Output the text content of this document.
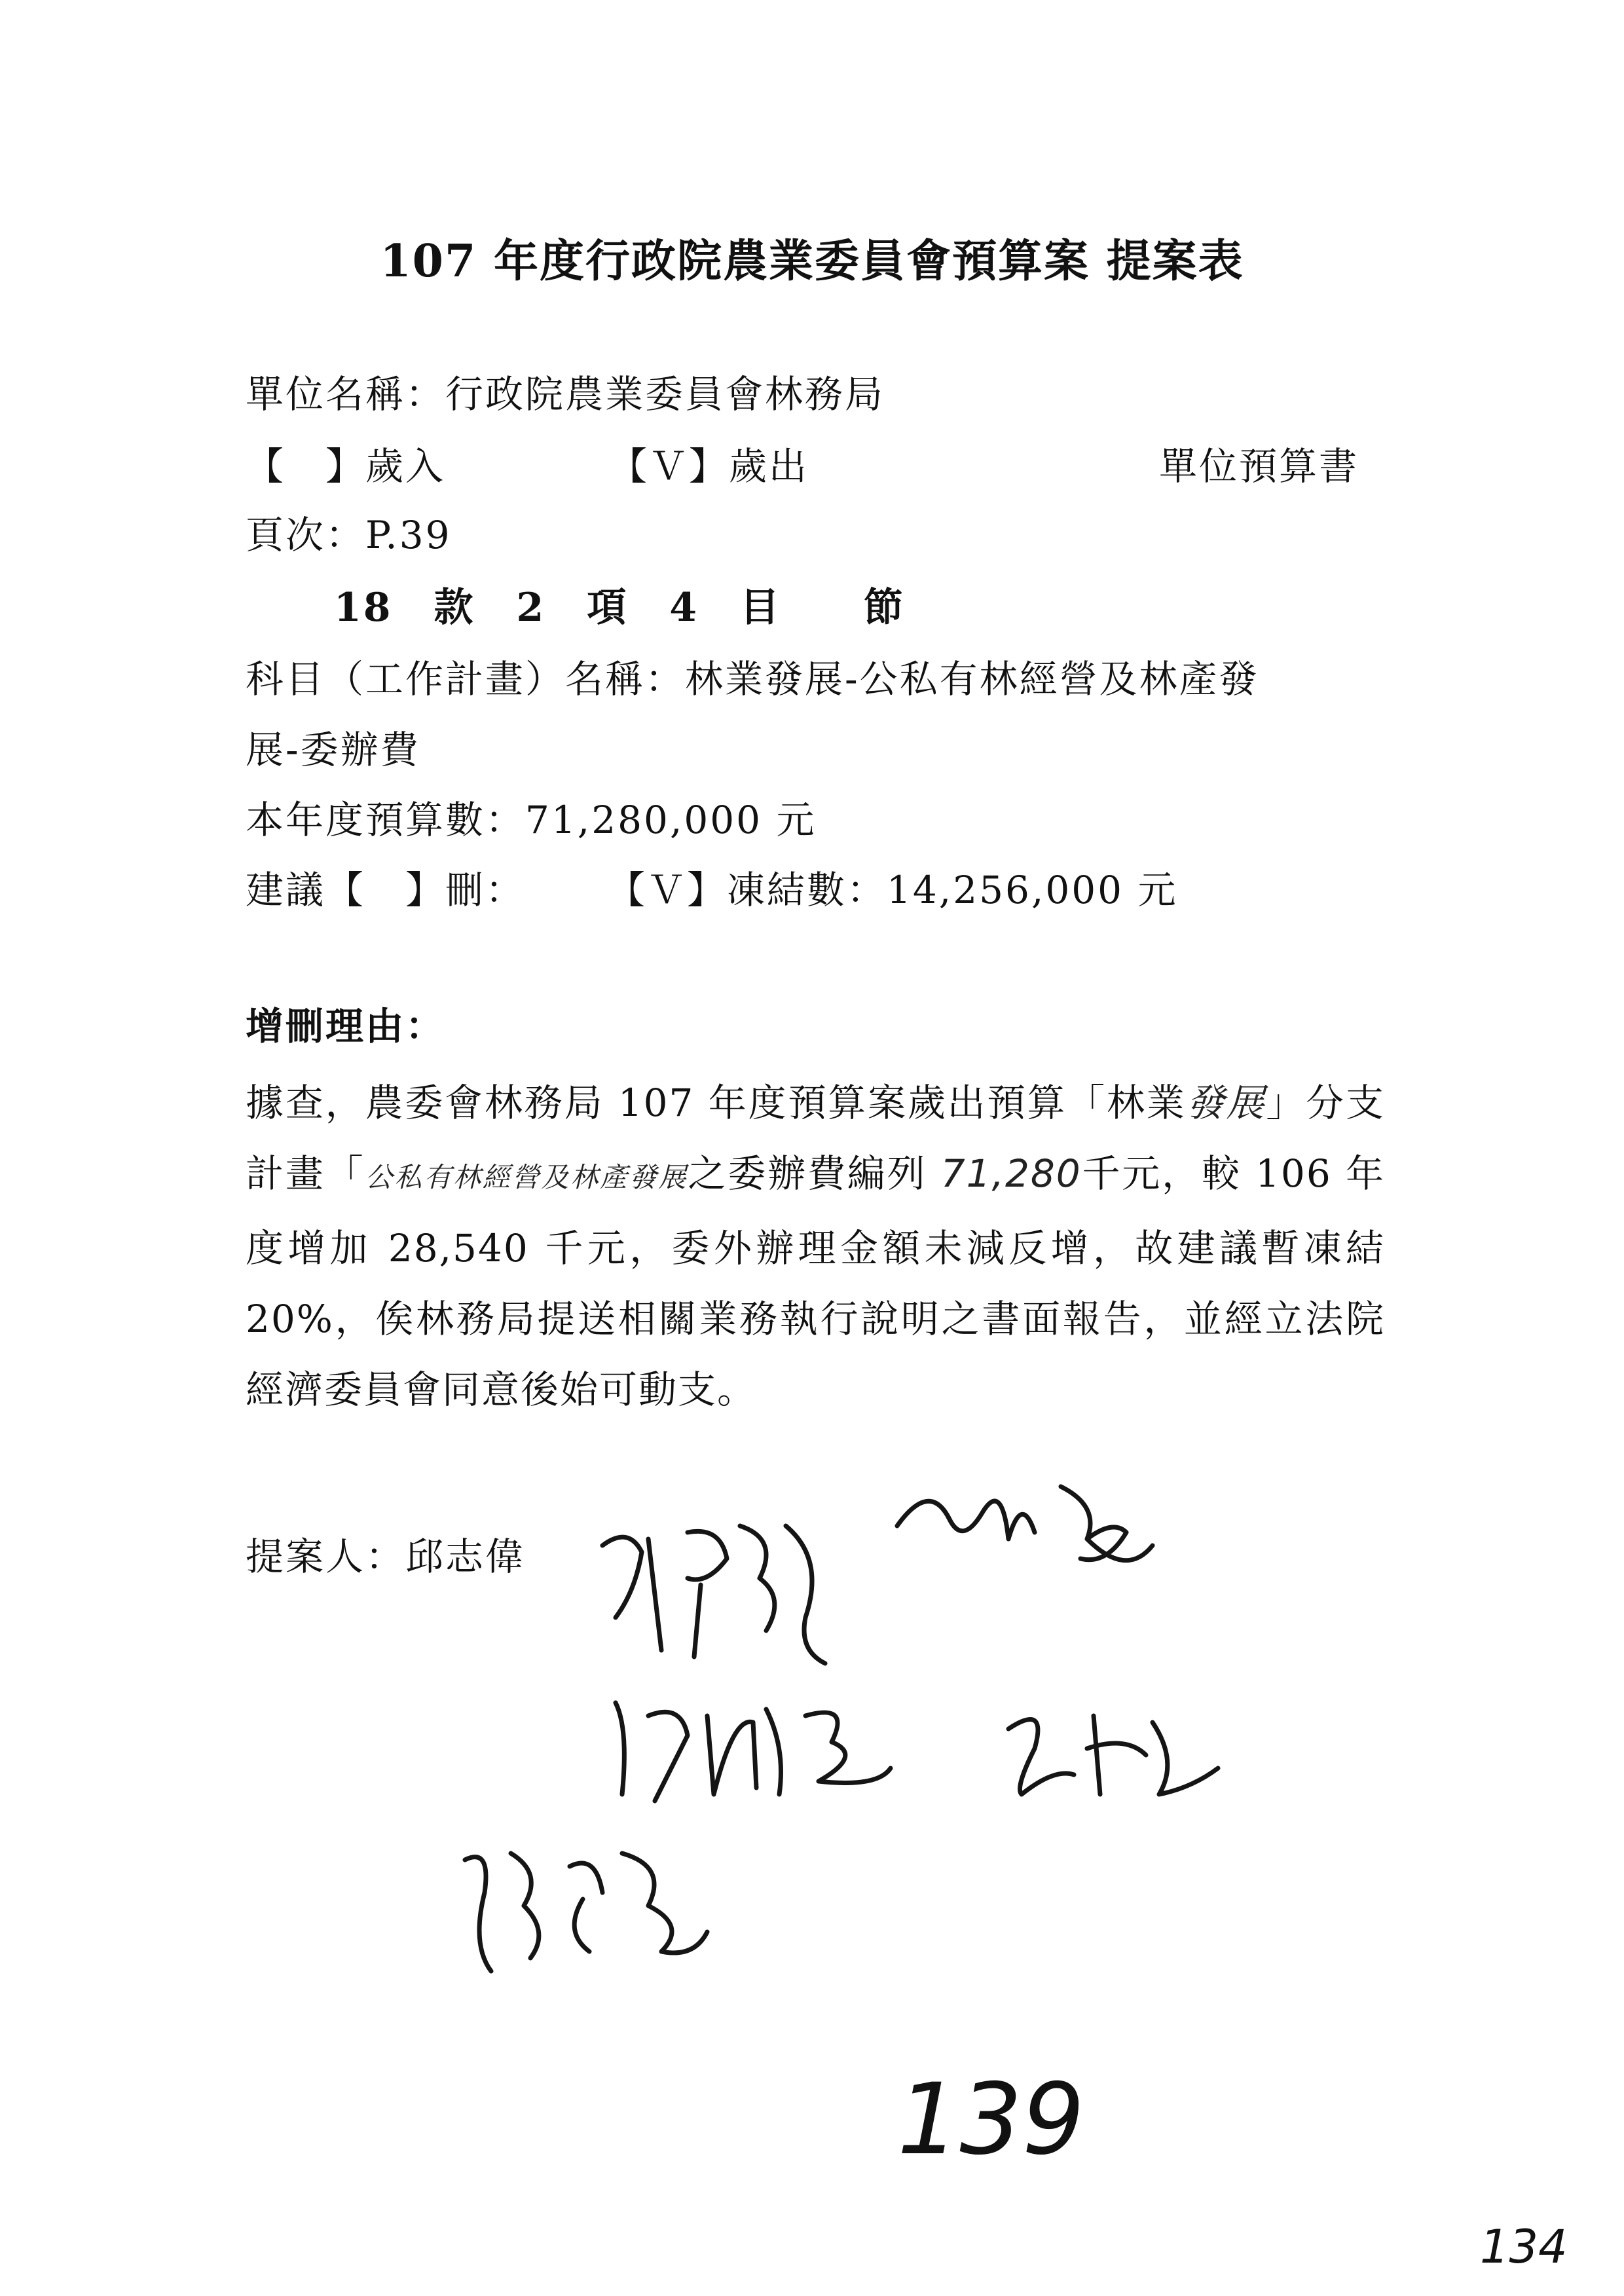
107 年度行政院農業委員會預算案 提案表
單位名稱：行政院農業委員會林務局
【　】歲入	【Ｖ】歲出	單位預算書
頁次：P.39
18　款　2　項　4　目　　節
科目（工作計畫）名稱：林業發展-公私有林經營及林產發
展-委辦費
本年度預算數：71,280,000 元
建議【　】刪：　　　【Ｖ】凍結數：14,256,000 元
增刪理由：
據查，農委會林務局 107 年度預算案歲出預算「林業發展」分支計畫「公私有林經營及林產發展之委辦費編列 71,280千元，較 106 年度增加 28,540 千元，委外辦理金額未減反增，故建議暫凍結 20%，俟林務局提送相關業務執行說明之書面報告，並經立法院經濟委員會同意後始可動支。
提案人：邱志偉
139
134
